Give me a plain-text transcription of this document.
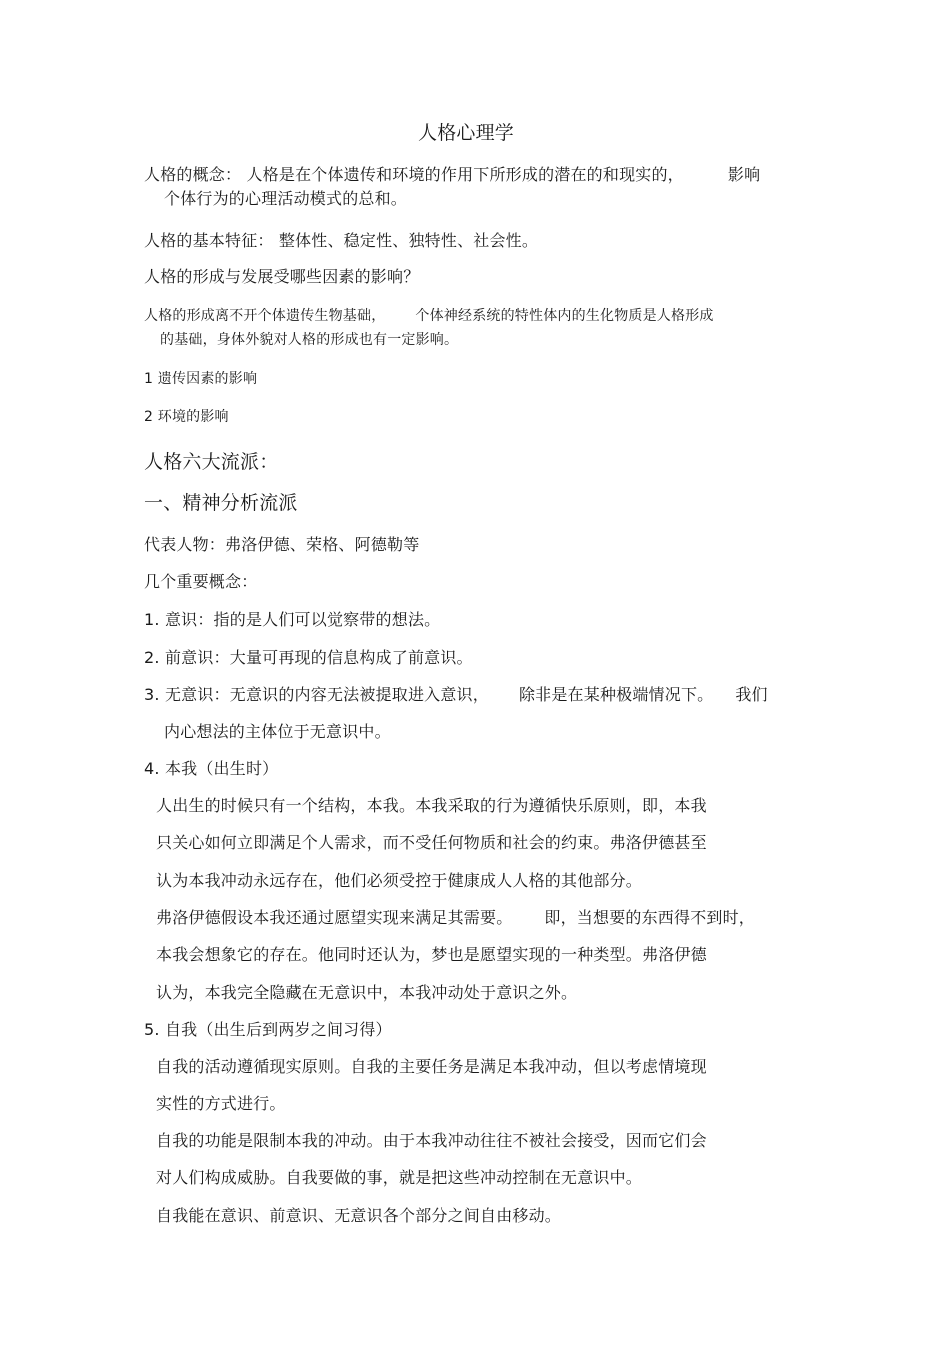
人格心理学
人格的概念： 人格是在个体遗传和环境的作用下所形成的潜在的和现实的，	影响
个体行为的心理活动模式的总和。
人格的基本特征： 整体性、稳定性、独特性、社会性。
人格的形成与发展受哪些因素的影响？
人格的形成离不开个体遗传生物基础， 个体神经系统的特性体内的生化物质是人格形成
的基础，身体外貌对人格的形成也有一定影响。
1 遗传因素的影响
2 环境的影响
人格六大流派：
一、精神分析流派
代表人物：弗洛伊德、荣格、阿德勒等
几个重要概念：
1. 意识：指的是人们可以觉察带的想法。
2. 前意识：大量可再现的信息构成了前意识。
3. 无意识：无意识的内容无法被提取进入意识， 除非是在某种极端情况下。 我们
内心想法的主体位于无意识中。
4. 本我（出生时）
人出生的时候只有一个结构，本我。本我采取的行为遵循快乐原则，即，本我
只关心如何立即满足个人需求，而不受任何物质和社会的约束。弗洛伊德甚至
认为本我冲动永远存在，他们必须受控于健康成人人格的其他部分。
弗洛伊德假设本我还通过愿望实现来满足其需要。 即，当想要的东西得不到时，
本我会想象它的存在。他同时还认为，梦也是愿望实现的一种类型。弗洛伊德
认为，本我完全隐藏在无意识中，本我冲动处于意识之外。
5. 自我（出生后到两岁之间习得）
自我的活动遵循现实原则。自我的主要任务是满足本我冲动，但以考虑情境现
实性的方式进行。
自我的功能是限制本我的冲动。由于本我冲动往往不被社会接受，因而它们会
对人们构成威胁。自我要做的事，就是把这些冲动控制在无意识中。
自我能在意识、前意识、无意识各个部分之间自由移动。
